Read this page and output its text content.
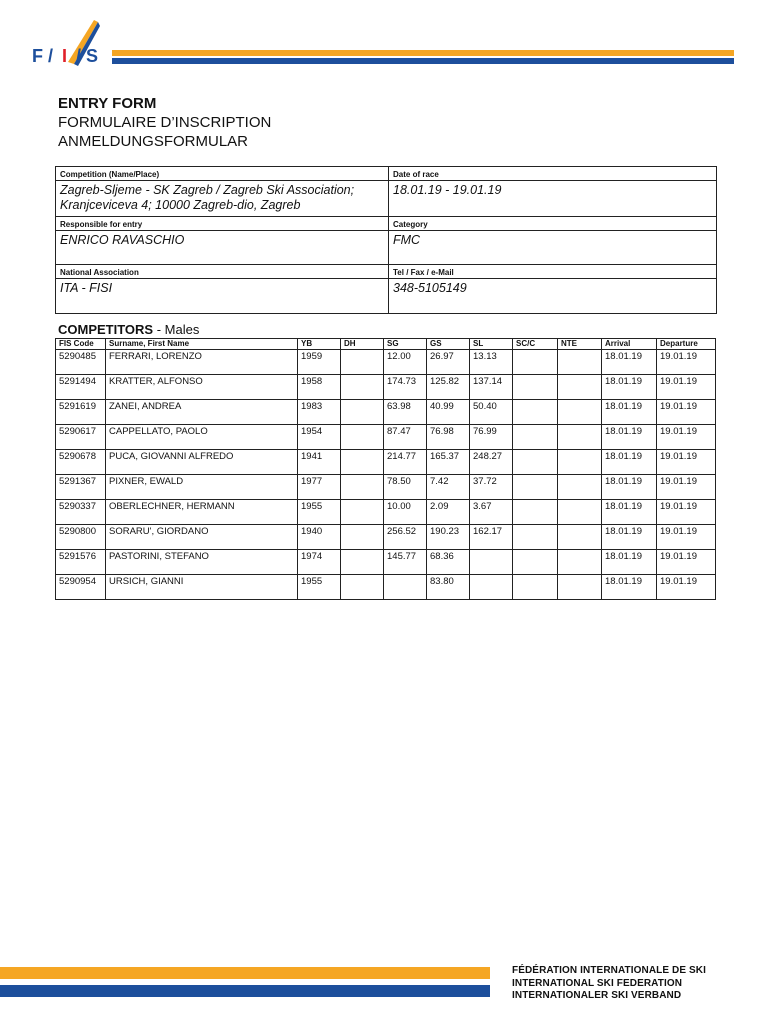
F / I / S
ENTRY FORM
FORMULAIRE D’INSCRIPTION
ANMELDUNGSFORMULAR
Competition (Name/Place)
Zagreb-Sljeme - SK Zagreb / Zagreb Ski Association;
Kranjceviceva 4; 10000 Zagreb-dio, Zagreb
Date of race
18.01.19 - 19.01.19
Responsible for entry
ENRICO RAVASCHIO
Category
FMC
National Association
ITA - FISI
Tel / Fax / e-Mail
348-5105149
COMPETITORS - Males
FIS Code	Surname, First Name	YB	DH	SG	GS	SL	SC/C	NTE	Arrival	Departure
5290485	FERRARI, LORENZO	1959		12.00	26.97	13.13			18.01.19	19.01.19
5291494	KRATTER, ALFONSO	1958		174.73	125.82	137.14			18.01.19	19.01.19
5291619	ZANEI, ANDREA	1983		63.98	40.99	50.40			18.01.19	19.01.19
5290617	CAPPELLATO, PAOLO	1954		87.47	76.98	76.99			18.01.19	19.01.19
5290678	PUCA, GIOVANNI ALFREDO	1941		214.77	165.37	248.27			18.01.19	19.01.19
5291367	PIXNER, EWALD	1977		78.50	7.42	37.72			18.01.19	19.01.19
5290337	OBERLECHNER, HERMANN	1955		10.00	2.09	3.67			18.01.19	19.01.19
5290800	SORARU', GIORDANO	1940		256.52	190.23	162.17			18.01.19	19.01.19
5291576	PASTORINI, STEFANO	1974		145.77	68.36				18.01.19	19.01.19
5290954	URSICH, GIANNI	1955			83.80				18.01.19	19.01.19
FÉDÉRATION INTERNATIONALE DE SKI
INTERNATIONAL SKI FEDERATION
INTERNATIONALER SKI VERBAND
